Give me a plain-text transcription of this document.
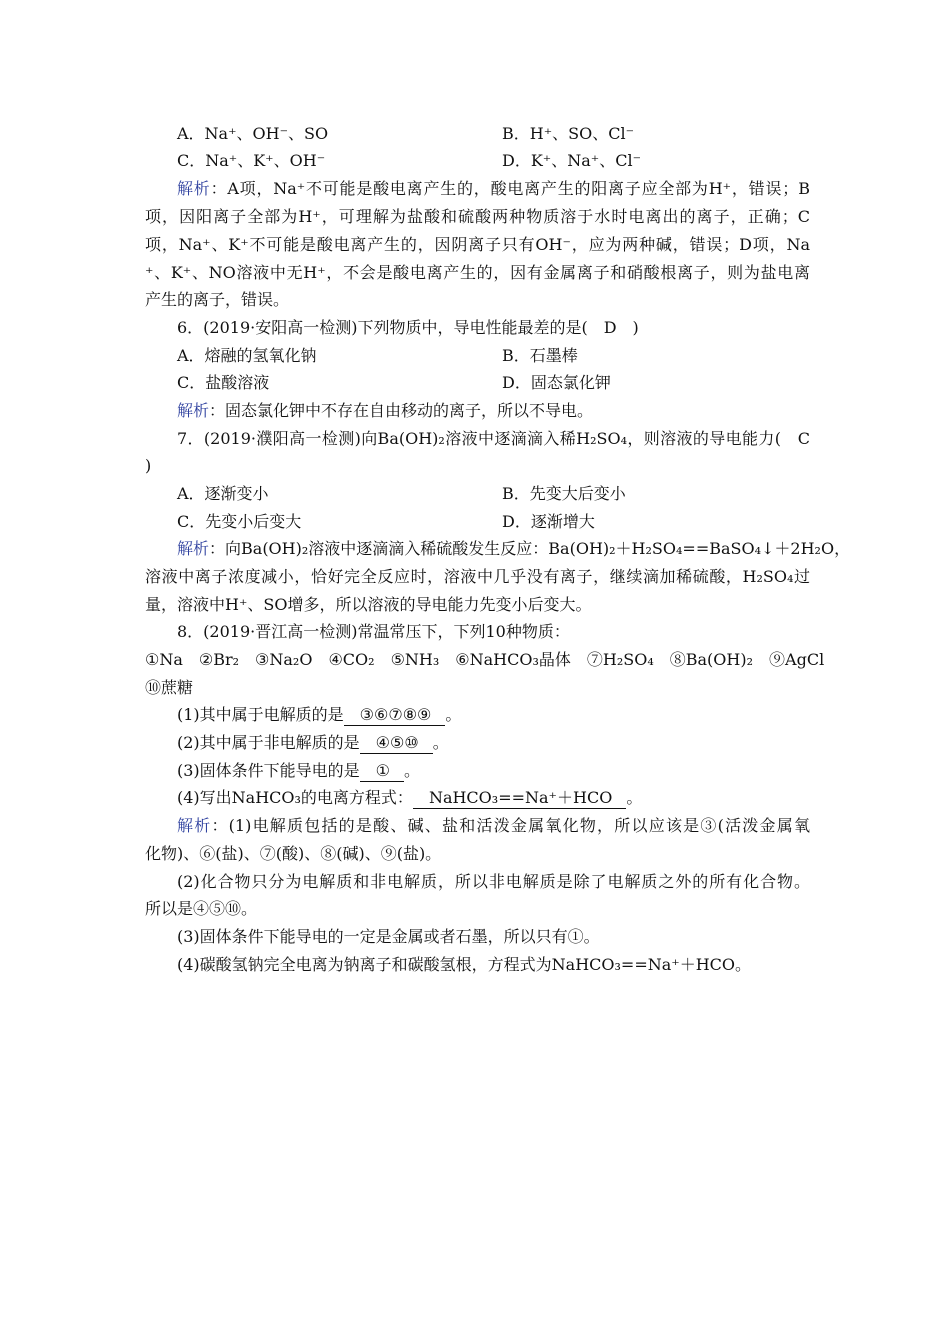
A．Na⁺、OH⁻、SO	B．H⁺、SO、Cl⁻
C．Na⁺、K⁺、OH⁻	D．K⁺、Na⁺、Cl⁻
解析：A项，Na⁺不可能是酸电离产生的，酸电离产生的阳离子应全部为H⁺，错误；B
项，因阳离子全部为H⁺，可理解为盐酸和硫酸两种物质溶于水时电离出的离子，正确；C
项，Na⁺、K⁺不可能是酸电离产生的，因阴离子只有OH⁻，应为两种碱，错误；D项，Na
⁺、K⁺、NO溶液中无H⁺，不会是酸电离产生的，因有金属离子和硝酸根离子，则为盐电离
产生的离子，错误。
6．(2019·安阳高一检测)下列物质中，导电性能最差的是(　D　)
A．熔融的氢氧化钠	B．石墨棒
C．盐酸溶液	D．固态氯化钾
解析：固态氯化钾中不存在自由移动的离子，所以不导电。
7．(2019·濮阳高一检测)向Ba(OH)₂溶液中逐滴滴入稀H₂SO₄，则溶液的导电能力(　C
)
A．逐渐变小	B．先变大后变小
C．先变小后变大	D．逐渐增大
解析：向Ba(OH)₂溶液中逐滴滴入稀硫酸发生反应：Ba(OH)₂＋H₂SO₄==BaSO₄↓＋2H₂O，
溶液中离子浓度减小，恰好完全反应时，溶液中几乎没有离子，继续滴加稀硫酸，H₂SO₄过
量，溶液中H⁺、SO增多，所以溶液的导电能力先变小后变大。
8．(2019·晋江高一检测)常温常压下，下列10种物质：
①Na　②Br₂　③Na₂O　④CO₂　⑤NH₃　⑥NaHCO₃晶体　⑦H₂SO₄　⑧Ba(OH)₂　⑨AgCl
⑩蔗糖
(1)其中属于电解质的是 ③⑥⑦⑧⑨ 。
(2)其中属于非电解质的是 ④⑤⑩ 。
(3)固体条件下能导电的是 ① 。
(4)写出NaHCO₃的电离方程式： NaHCO₃==Na⁺＋HCO 。
解析：(1)电解质包括的是酸、碱、盐和活泼金属氧化物，所以应该是③(活泼金属氧
化物)、⑥(盐)、⑦(酸)、⑧(碱)、⑨(盐)。
(2)化合物只分为电解质和非电解质，所以非电解质是除了电解质之外的所有化合物。
所以是④⑤⑩。
(3)固体条件下能导电的一定是金属或者石墨，所以只有①。
(4)碳酸氢钠完全电离为钠离子和碳酸氢根，方程式为NaHCO₃==Na⁺＋HCO。
